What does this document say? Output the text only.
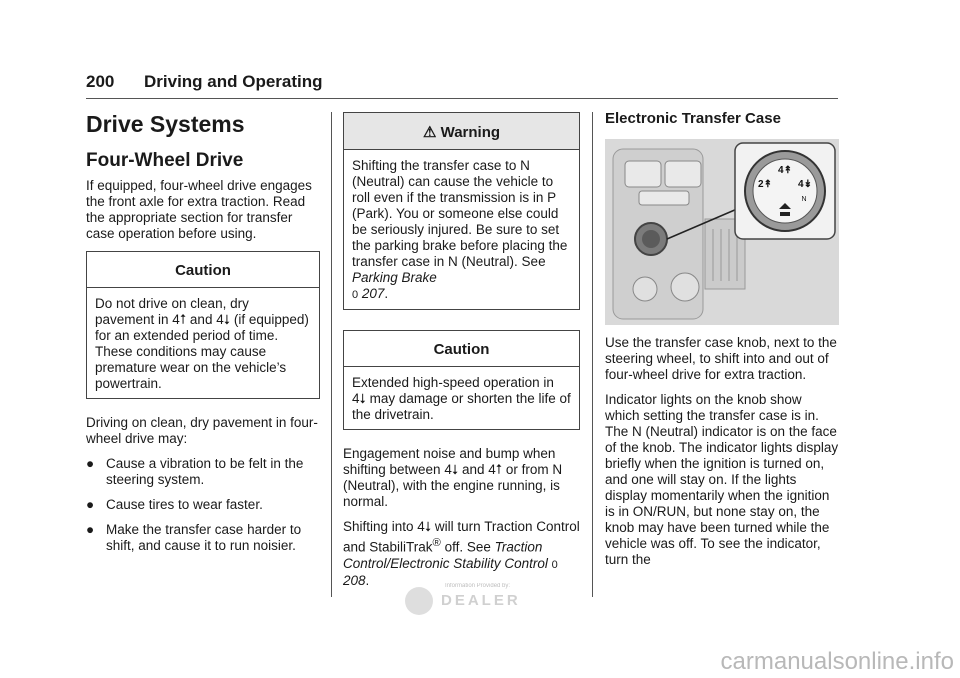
200 Driving and Operating
Drive Systems
Four-Wheel Drive

If equipped, four-wheel drive engages the front axle for extra traction. Read the appropriate section for transfer case operation before using.

Caution
Do not drive on clean, dry pavement in 4⭡ and 4⭣ (if equipped) for an extended period of time. These conditions may cause premature wear on the vehicle’s powertrain.

Driving on clean, dry pavement in four-wheel drive may:

● Cause a vibration to be felt in the steering system.
● Cause tires to wear faster.
● Make the transfer case harder to shift, and cause it to run noisier.
⚠ Warning
Shifting the transfer case to N (Neutral) can cause the vehicle to roll even if the transmission is in P (Park). You or someone else could be seriously injured. Be sure to set the parking brake before placing the transfer case in N (Neutral). See Parking Brake
0 207.
Caution
Extended high-speed operation in 4⭣ may damage or shorten the life of the drivetrain.

Engagement noise and bump when shifting between 4⭣ and 4⭡ or from N (Neutral), with the engine running, is normal.

Shifting into 4⭣ will turn Traction Control and StabiliTrak® off. See Traction Control/Electronic Stability Control 0 208.

Electronic Transfer Case
4↟
2↟	4↡
N

Use the transfer case knob, next to the steering wheel, to shift into and out of four-wheel drive for extra traction.

Indicator lights on the knob show which setting the transfer case is in. The N (Neutral) indicator is on the face of the knob. The indicator lights display briefly when the ignition is turned on, and one will stay on. If the lights display momentarily when the ignition is in ON/RUN, but none stay on, the knob may have been turned while the vehicle was off. To see the indicator, turn the

Information Provided by:
DEALER
carmanualsonline.info
